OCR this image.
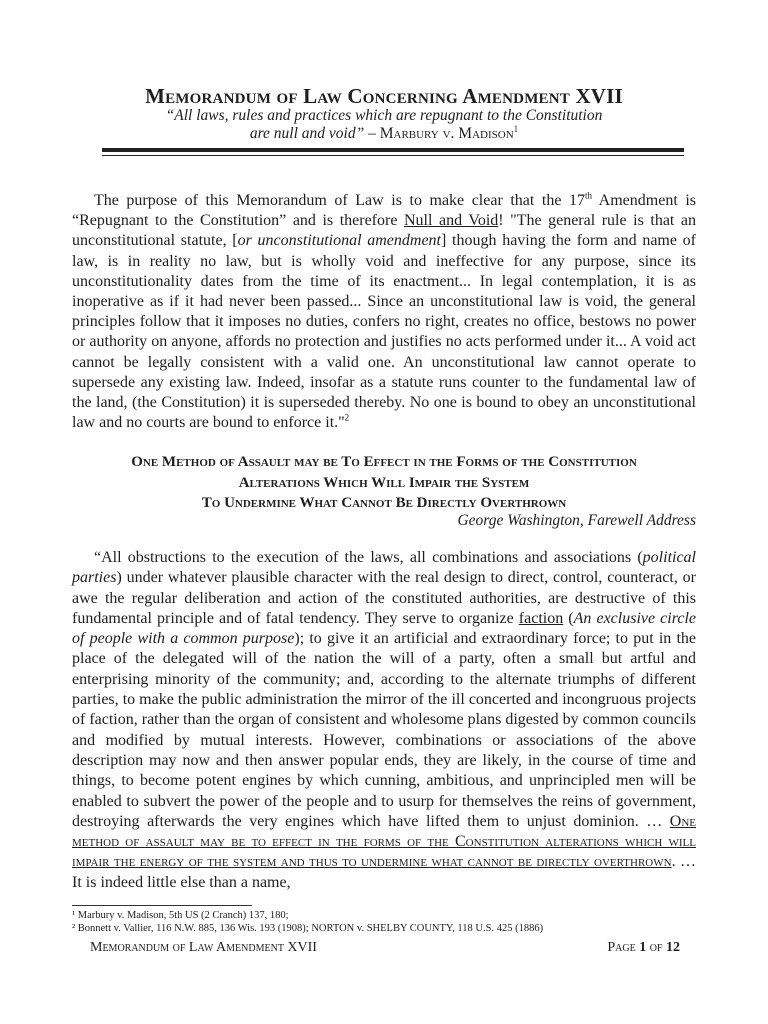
Memorandum of Law Concerning Amendment XVII
“All laws, rules and practices which are repugnant to the Constitution
are null and void” – Marbury v. Madison$^1$
The purpose of this Memorandum of Law is to make clear that the 17th Amendment is “Repugnant to the Constitution” and is therefore Null and Void! "The general rule is that an unconstitutional statute, [or unconstitutional amendment] though having the form and name of law, is in reality no law, but is wholly void and ineffective for any purpose, since its unconstitutionality dates from the time of its enactment... In legal contemplation, it is as inoperative as if it had never been passed... Since an unconstitutional law is void, the general principles follow that it imposes no duties, confers no right, creates no office, bestows no power or authority on anyone, affords no protection and justifies no acts performed under it... A void act cannot be legally consistent with a valid one. An unconstitutional law cannot operate to supersede any existing law. Indeed, insofar as a statute runs counter to the fundamental law of the land, (the Constitution) it is superseded thereby. No one is bound to obey an unconstitutional law and no courts are bound to enforce it."$^2$
One Method of Assault may be To Effect in the Forms of the Constitution
Alterations Which Will Impair the System
To Undermine What Cannot Be Directly Overthrown
George Washington, Farewell Address
“All obstructions to the execution of the laws, all combinations and associations (political parties) under whatever plausible character with the real design to direct, control, counteract, or awe the regular deliberation and action of the constituted authorities, are destructive of this fundamental principle and of fatal tendency. They serve to organize faction (An exclusive circle of people with a common purpose); to give it an artificial and extraordinary force; to put in the place of the delegated will of the nation the will of a party, often a small but artful and enterprising minority of the community; and, according to the alternate triumphs of different parties, to make the public administration the mirror of the ill concerted and incongruous projects of faction, rather than the organ of consistent and wholesome plans digested by common councils and modified by mutual interests. However, combinations or associations of the above description may now and then answer popular ends, they are likely, in the course of time and things, to become potent engines by which cunning, ambitious, and unprincipled men will be enabled to subvert the power of the people and to usurp for themselves the reins of government, destroying afterwards the very engines which have lifted them to unjust dominion. … One method of assault may be to effect in the forms of the Constitution alterations which will impair the energy of the system and thus to undermine what cannot be directly overthrown. … It is indeed little else than a name,
¹ Marbury v. Madison, 5th US (2 Cranch) 137, 180;
² Bonnett v. Vallier, 116 N.W. 885, 136 Wis. 193 (1908); NORTON v. SHELBY COUNTY, 118 U.S. 425 (1886)
Memorandum of Law Amendment XVII	Page 1 of 12
